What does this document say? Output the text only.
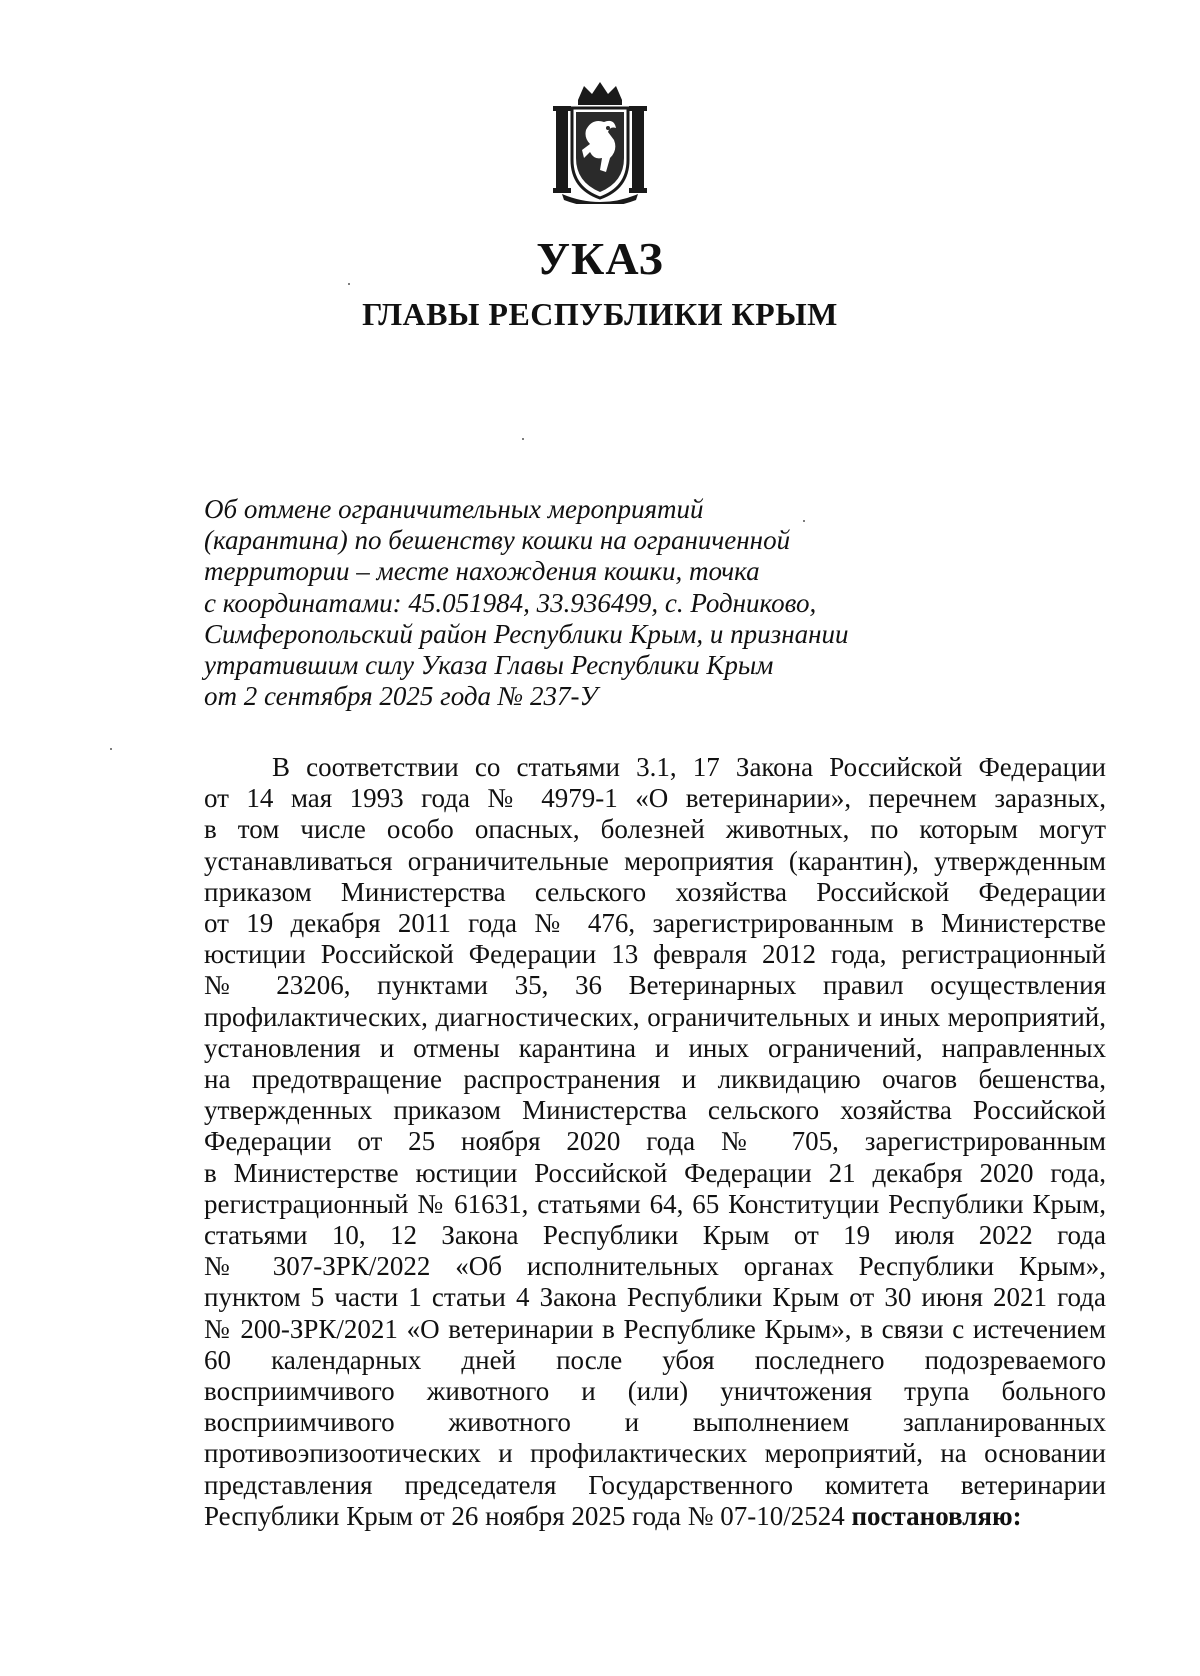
УКАЗ
ГЛАВЫ РЕСПУБЛИКИ КРЫМ
Об отмене ограничительных мероприятий
(карантина) по бешенству кошки на ограниченной
территории – месте нахождения кошки, точка
с координатами: 45.051984, 33.936499, с. Родниково,
Симферопольский район Республики Крым, и признании
утратившим силу Указа Главы Республики Крым
от 2 сентября 2025 года № 237-У
В соответствии со статьями 3.1, 17 Закона Российской Федерации
от 14 мая 1993 года № 4979-1 «О ветеринарии», перечнем заразных,
в том числе особо опасных, болезней животных, по которым могут
устанавливаться ограничительные мероприятия (карантин), утвержденным
приказом Министерства сельского хозяйства Российской Федерации
от 19 декабря 2011 года № 476, зарегистрированным в Министерстве
юстиции Российской Федерации 13 февраля 2012 года, регистрационный
№ 23206, пунктами 35, 36 Ветеринарных правил осуществления
профилактических, диагностических, ограничительных и иных мероприятий,
установления и отмены карантина и иных ограничений, направленных
на предотвращение распространения и ликвидацию очагов бешенства,
утвержденных приказом Министерства сельского хозяйства Российской
Федерации от 25 ноября 2020 года № 705, зарегистрированным
в Министерстве юстиции Российской Федерации 21 декабря 2020 года,
регистрационный № 61631, статьями 64, 65 Конституции Республики Крым,
статьями 10, 12 Закона Республики Крым от 19 июля 2022 года
№ 307-ЗРК/2022 «Об исполнительных органах Республики Крым»,
пунктом 5 части 1 статьи 4 Закона Республики Крым от 30 июня 2021 года
№ 200-ЗРК/2021 «О ветеринарии в Республике Крым», в связи с истечением
60 календарных дней после убоя последнего подозреваемого
восприимчивого животного и (или) уничтожения трупа больного
восприимчивого животного и выполнением запланированных
противоэпизоотических и профилактических мероприятий, на основании
представления председателя Государственного комитета ветеринарии
Республики Крым от 26 ноября 2025 года № 07-10/2524 постановляю:
